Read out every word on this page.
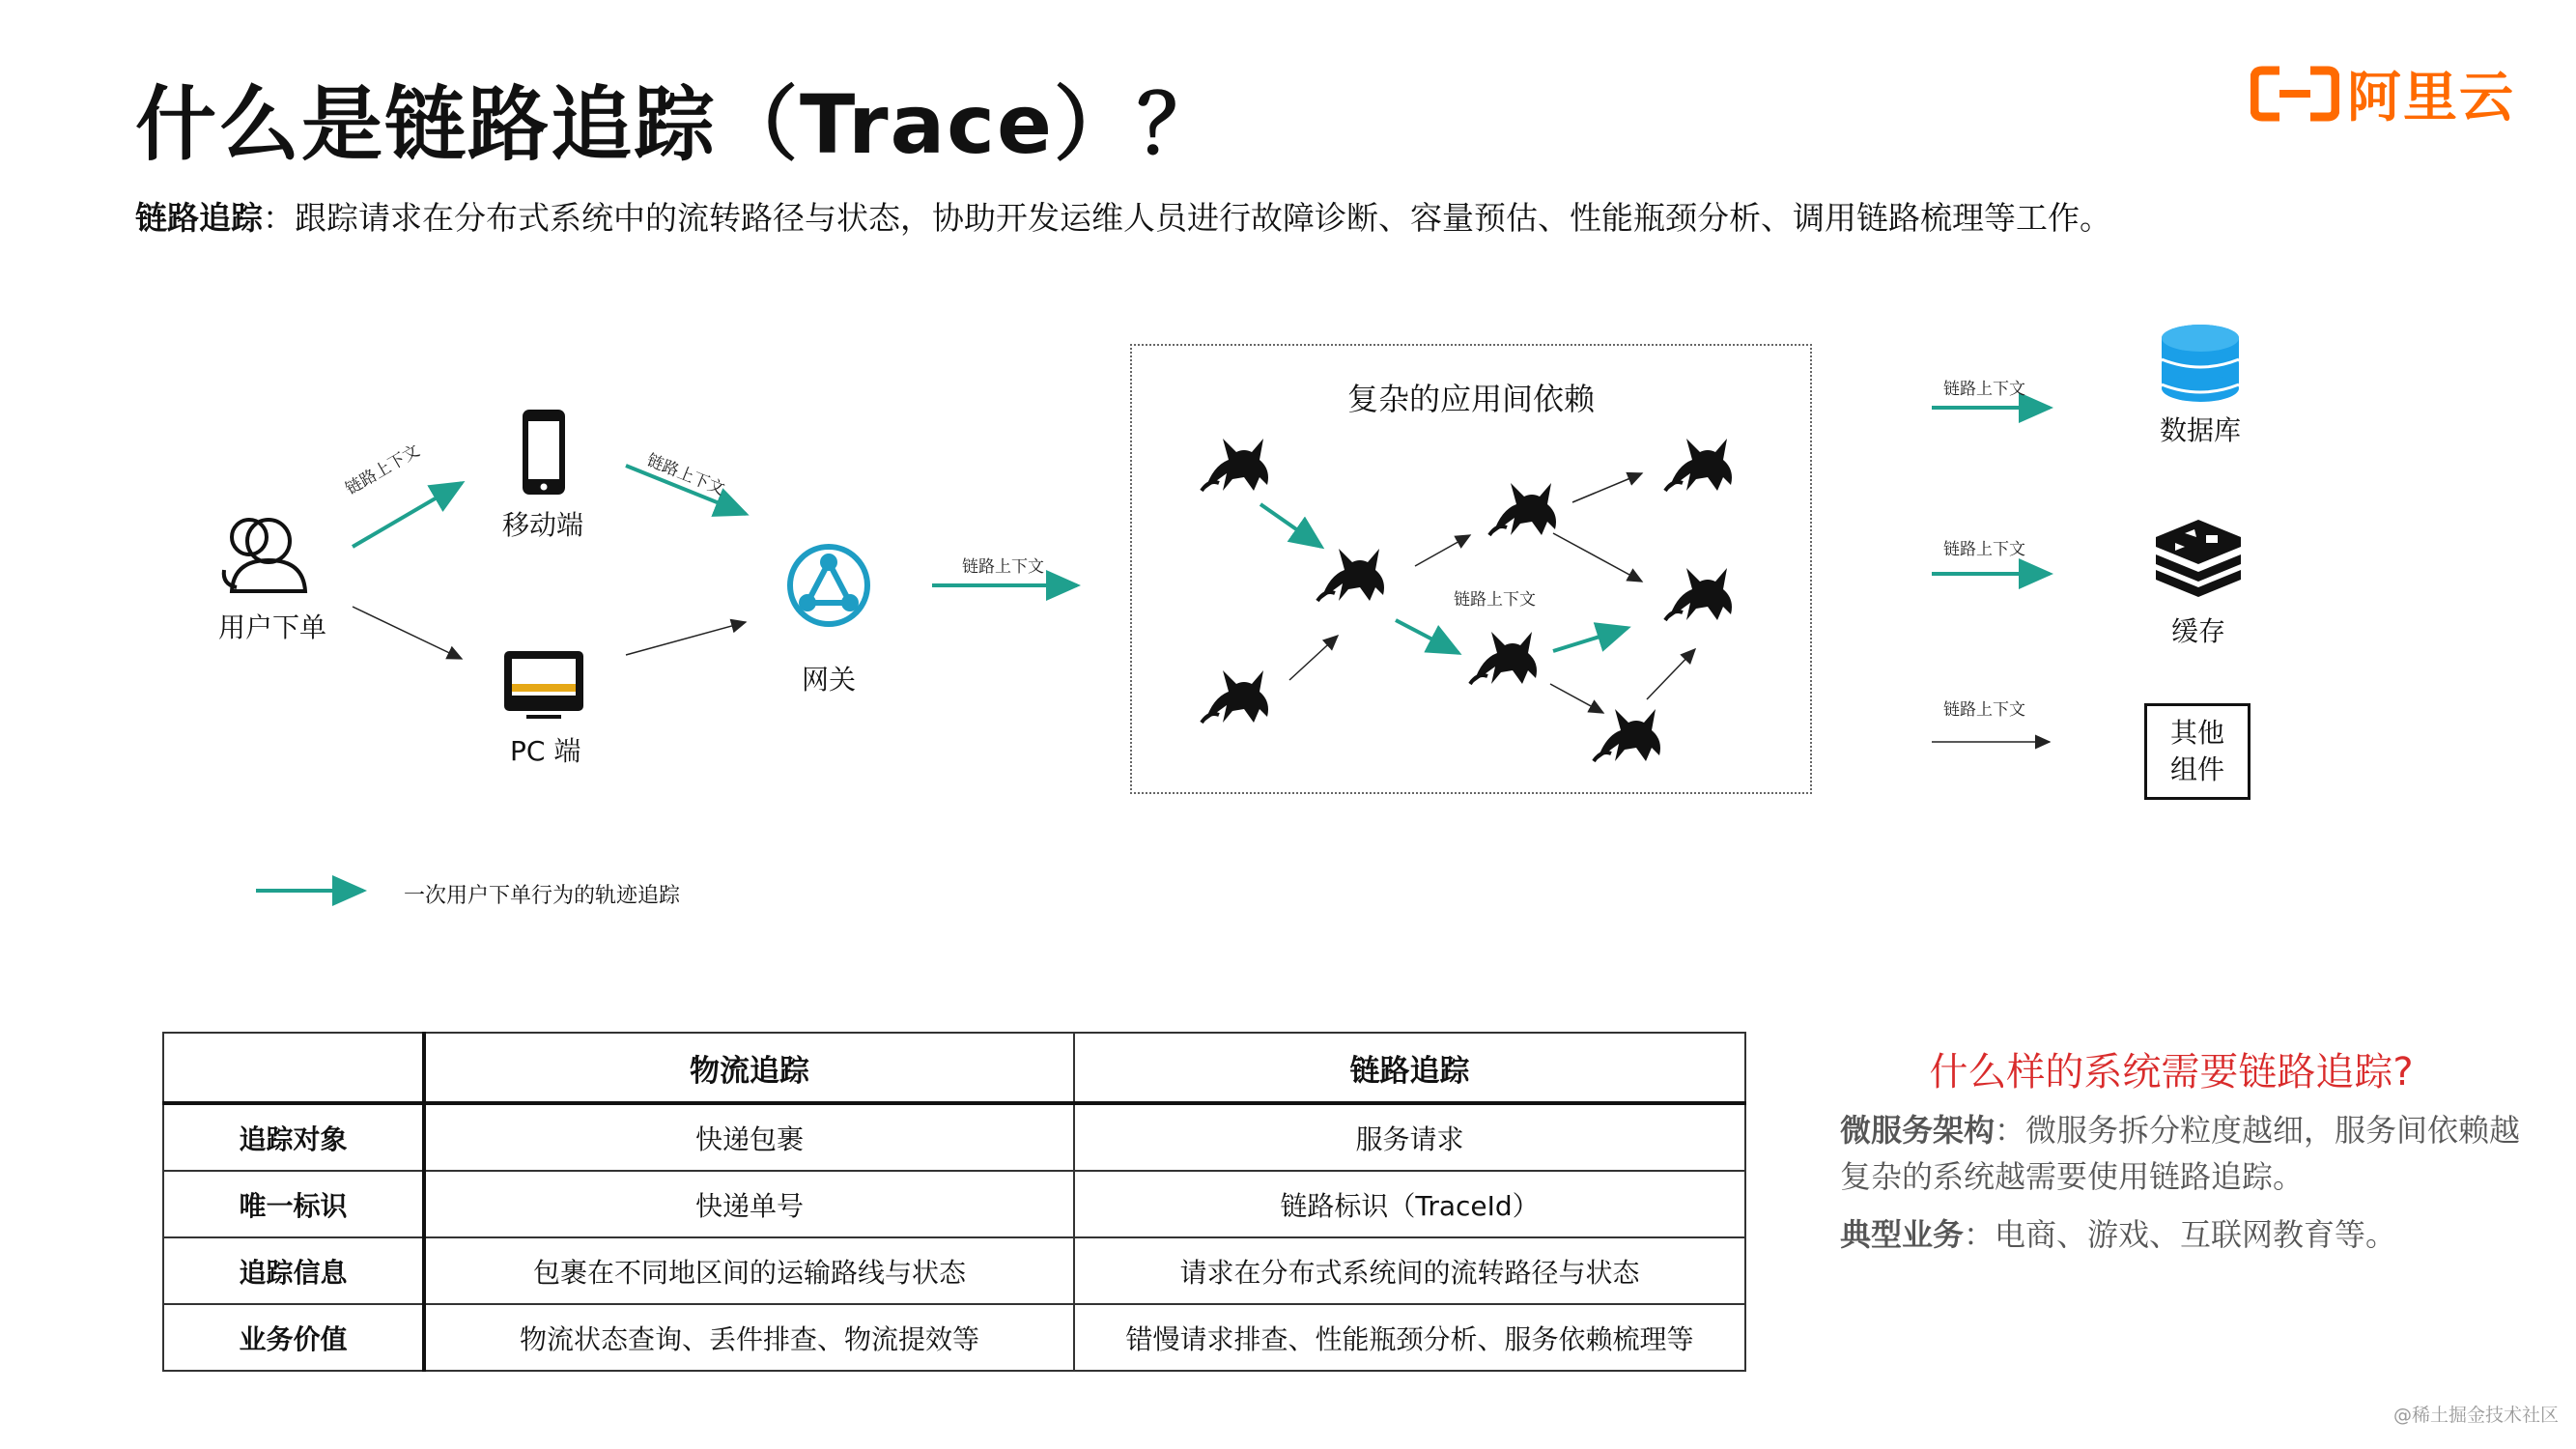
什么是链路追踪（Trace）？	阿里云
链路追踪：跟踪请求在分布式系统中的流转路径与状态，协助开发运维人员进行故障诊断、容量预估、性能瓶颈分析、调用链路梳理等工作。
用户下单
移动端
PC 端
网关
链路上下文	链路上下文
链路上下文
链路上下文
链路上下文
链路上下文
链路上下文
复杂的应用间依赖
数据库
缓存
其他
组件
一次用户下单行为的轨迹追踪
	物流追踪	链路追踪
追踪对象	快递包裹	服务请求
唯一标识	快递单号	链路标识（TraceId）
追踪信息	包裹在不同地区间的运输路线与状态	请求在分布式系统间的流转路径与状态
业务价值	物流状态查询、丢件排查、物流提效等	错慢请求排查、性能瓶颈分析、服务依赖梳理等
什么样的系统需要链路追踪?
微服务架构：微服务拆分粒度越细，服务间依赖越复杂的系统越需要使用链路追踪。
典型业务：电商、游戏、互联网教育等。
@稀土掘金技术社区
